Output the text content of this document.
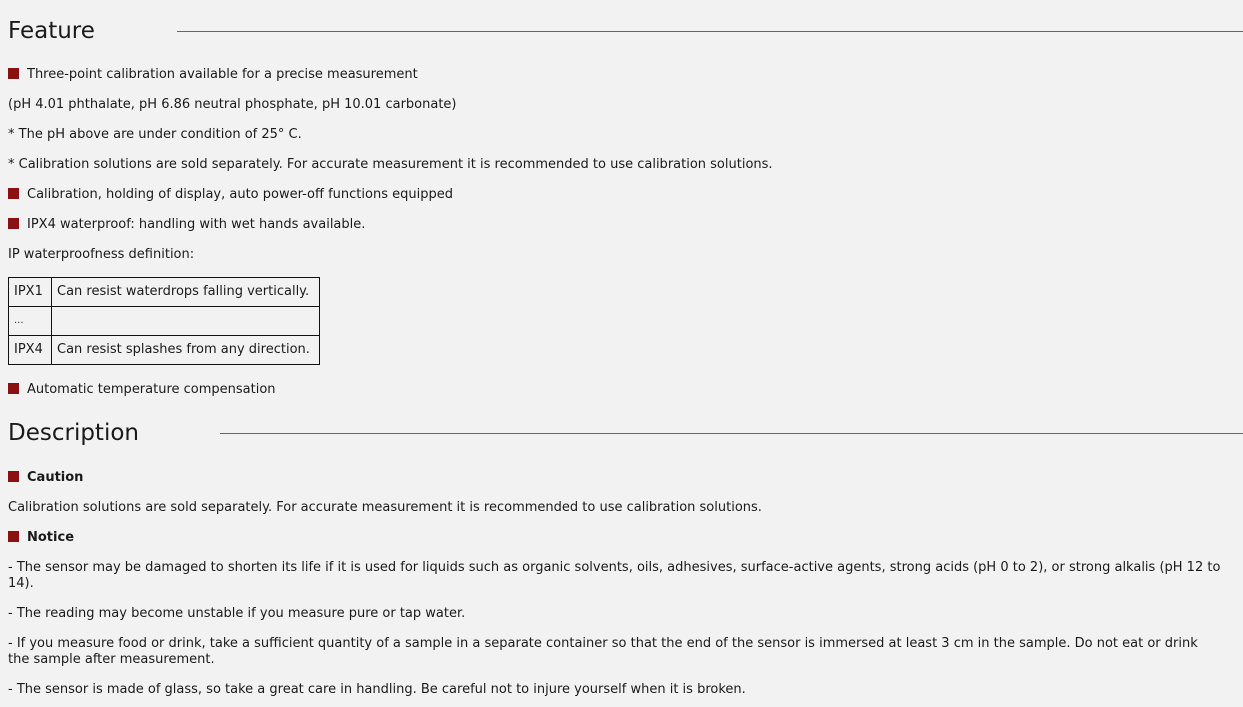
Feature
Three-point calibration available for a precise measurement
(pH 4.01 phthalate, pH 6.86 neutral phosphate, pH 10.01 carbonate)
* The pH above are under condition of 25° C.
* Calibration solutions are sold separately. For accurate measurement it is recommended to use calibration solutions.
Calibration, holding of display, auto power-off functions equipped
IPX4 waterproof: handling with wet hands available.
IP waterproofness definition:
IPX1	Can resist waterdrops falling vertically.
...	
IPX4	Can resist splashes from any direction.
Automatic temperature compensation
Description
Caution
Calibration solutions are sold separately. For accurate measurement it is recommended to use calibration solutions.
Notice
- The sensor may be damaged to shorten its life if it is used for liquids such as organic solvents, oils, adhesives, surface-active agents, strong acids (pH 0 to 2), or strong alkalis (pH 12 to 14).
- The reading may become unstable if you measure pure or tap water.
- If you measure food or drink, take a sufficient quantity of a sample in a separate container so that the end of the sensor is immersed at least 3 cm in the sample. Do not eat or drink the sample after measurement.
- The sensor is made of glass, so take a great care in handling. Be careful not to injure yourself when it is broken.
